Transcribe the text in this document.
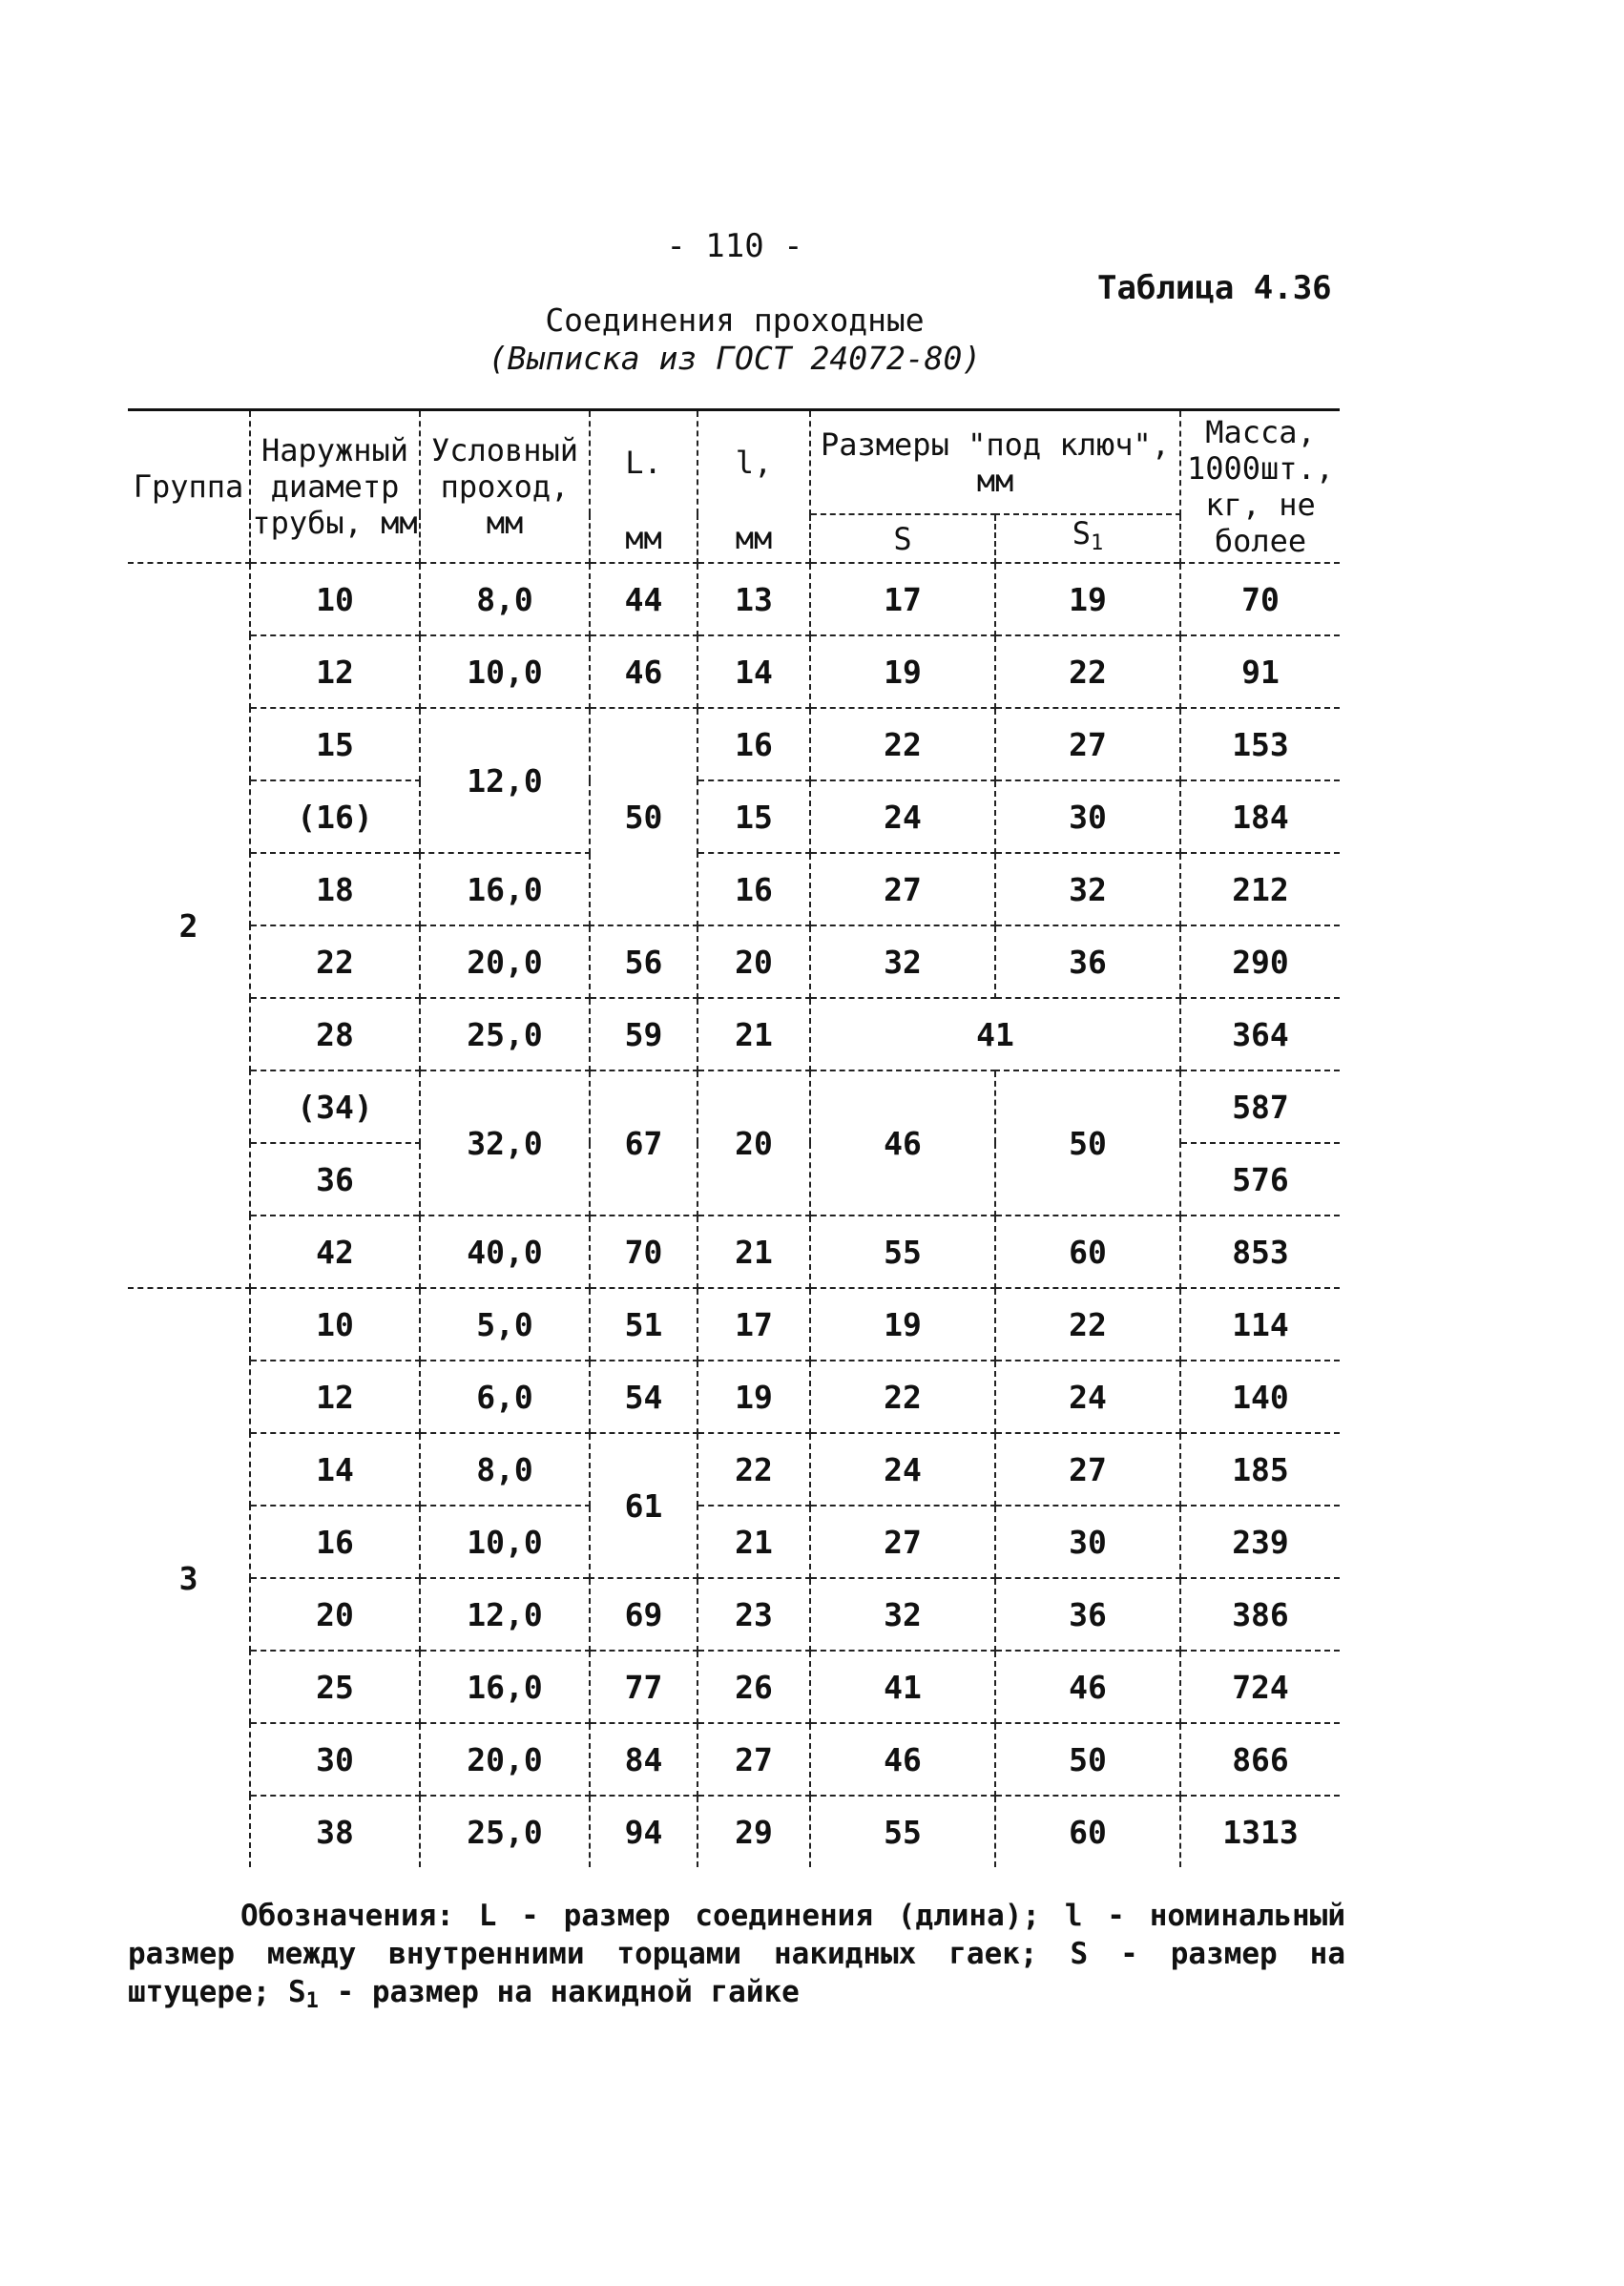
- 110 -
Таблица 4.36
Соединения проходные
(Выписка из ГОСТ 24072-80)
Группа	Наружный диаметр трубы, мм	Условный проход, мм	L.	l,	Размеры "под ключ", мм		Масса, 1000шт., кг, не более
			мм	мм	S	S1	
2	10	8,0	44	13	17	19	70
	12	10,0	46	14	19	22	91
	15	12,0	50	16	22	27	153
	(16)			15	24	30	184
	18	16,0		16	27	32	212
	22	20,0	56	20	32	36	290
	28	25,0	59	21	41		364
	(34)	32,0	67	20	46	50	587
	36						576
	42	40,0	70	21	55	60	853
3	10	5,0	51	17	19	22	114
	12	6,0	54	19	22	24	140
	14	8,0	61	22	24	27	185
	16	10,0		21	27	30	239
	20	12,0	69	23	32	36	386
	25	16,0	77	26	41	46	724
	30	20,0	84	27	46	50	866
	38	25,0	94	29	55	60	1313
Обозначения: L - размер соединения (длина); l - номинальный размер между внутренними торцами накидных гаек; S - размер на штуцере; S1 - размер на накидной гайке
